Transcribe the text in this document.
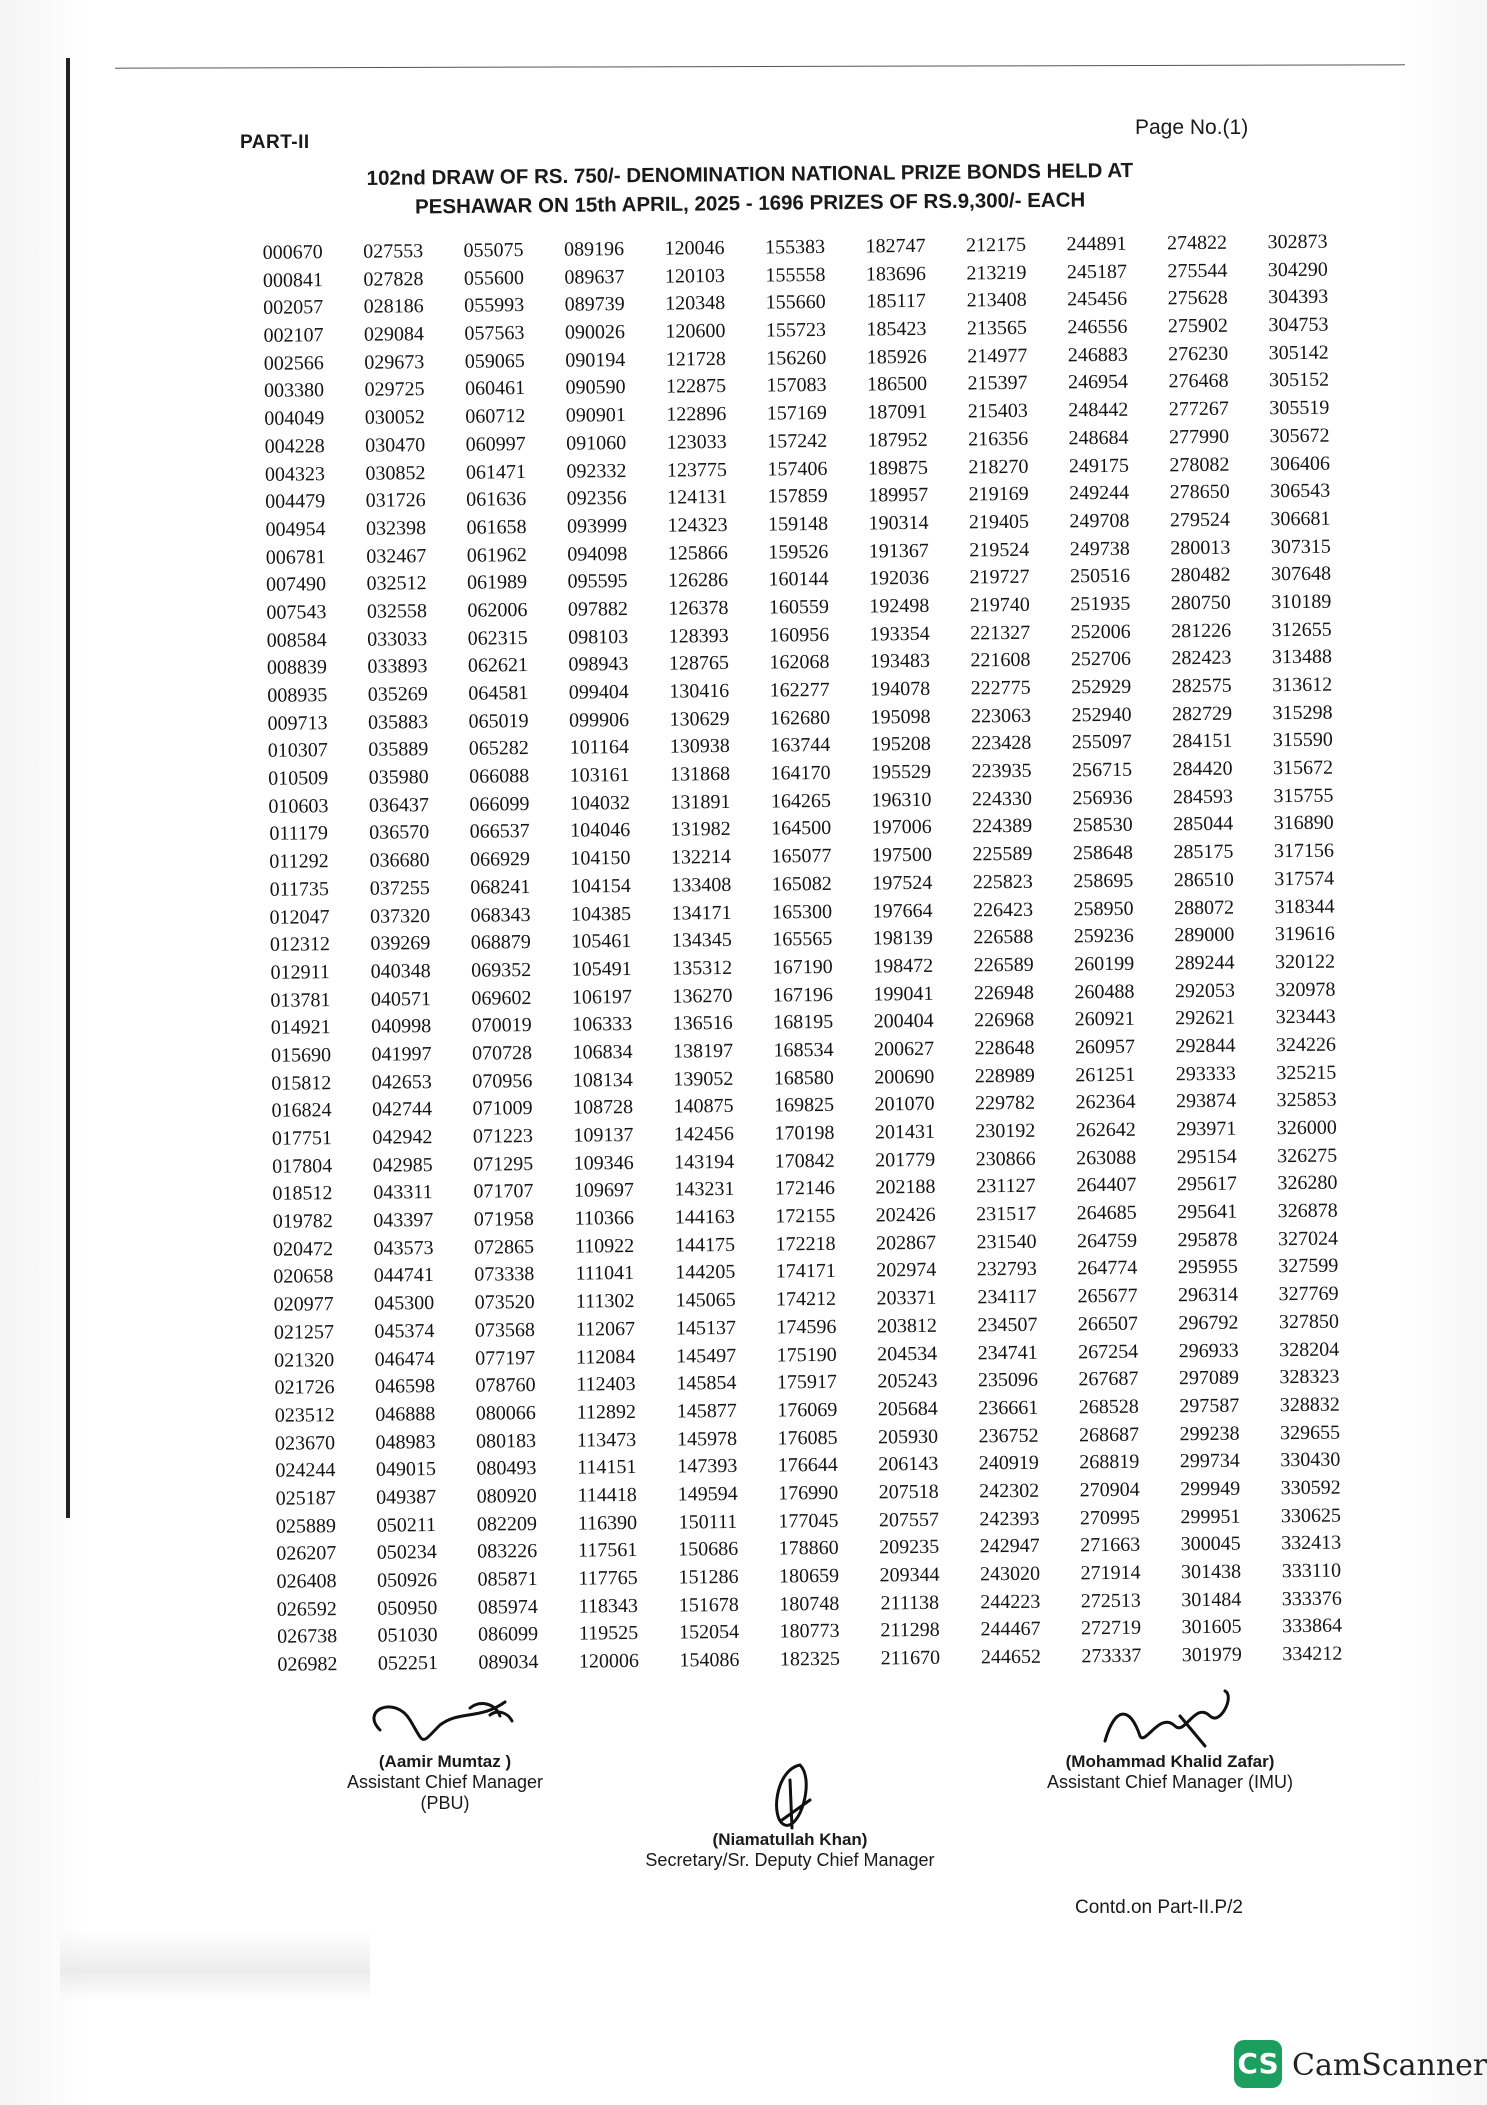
PART-II
Page No.(1)
102nd DRAW OF RS. 750/- DENOMINATION NATIONAL PRIZE BONDS HELD AT
PESHAWAR ON 15th APRIL, 2025 - 1696 PRIZES OF RS.9,300/- EACH
000670
000841
002057
002107
002566
003380
004049
004228
004323
004479
004954
006781
007490
007543
008584
008839
008935
009713
010307
010509
010603
011179
011292
011735
012047
012312
012911
013781
014921
015690
015812
016824
017751
017804
018512
019782
020472
020658
020977
021257
021320
021726
023512
023670
024244
025187
025889
026207
026408
026592
026738
026982
027553
027828
028186
029084
029673
029725
030052
030470
030852
031726
032398
032467
032512
032558
033033
033893
035269
035883
035889
035980
036437
036570
036680
037255
037320
039269
040348
040571
040998
041997
042653
042744
042942
042985
043311
043397
043573
044741
045300
045374
046474
046598
046888
048983
049015
049387
050211
050234
050926
050950
051030
052251
055075
055600
055993
057563
059065
060461
060712
060997
061471
061636
061658
061962
061989
062006
062315
062621
064581
065019
065282
066088
066099
066537
066929
068241
068343
068879
069352
069602
070019
070728
070956
071009
071223
071295
071707
071958
072865
073338
073520
073568
077197
078760
080066
080183
080493
080920
082209
083226
085871
085974
086099
089034
089196
089637
089739
090026
090194
090590
090901
091060
092332
092356
093999
094098
095595
097882
098103
098943
099404
099906
101164
103161
104032
104046
104150
104154
104385
105461
105491
106197
106333
106834
108134
108728
109137
109346
109697
110366
110922
111041
111302
112067
112084
112403
112892
113473
114151
114418
116390
117561
117765
118343
119525
120006
120046
120103
120348
120600
121728
122875
122896
123033
123775
124131
124323
125866
126286
126378
128393
128765
130416
130629
130938
131868
131891
131982
132214
133408
134171
134345
135312
136270
136516
138197
139052
140875
142456
143194
143231
144163
144175
144205
145065
145137
145497
145854
145877
145978
147393
149594
150111
150686
151286
151678
152054
154086
155383
155558
155660
155723
156260
157083
157169
157242
157406
157859
159148
159526
160144
160559
160956
162068
162277
162680
163744
164170
164265
164500
165077
165082
165300
165565
167190
167196
168195
168534
168580
169825
170198
170842
172146
172155
172218
174171
174212
174596
175190
175917
176069
176085
176644
176990
177045
178860
180659
180748
180773
182325
182747
183696
185117
185423
185926
186500
187091
187952
189875
189957
190314
191367
192036
192498
193354
193483
194078
195098
195208
195529
196310
197006
197500
197524
197664
198139
198472
199041
200404
200627
200690
201070
201431
201779
202188
202426
202867
202974
203371
203812
204534
205243
205684
205930
206143
207518
207557
209235
209344
211138
211298
211670
212175
213219
213408
213565
214977
215397
215403
216356
218270
219169
219405
219524
219727
219740
221327
221608
222775
223063
223428
223935
224330
224389
225589
225823
226423
226588
226589
226948
226968
228648
228989
229782
230192
230866
231127
231517
231540
232793
234117
234507
234741
235096
236661
236752
240919
242302
242393
242947
243020
244223
244467
244652
244891
245187
245456
246556
246883
246954
248442
248684
249175
249244
249708
249738
250516
251935
252006
252706
252929
252940
255097
256715
256936
258530
258648
258695
258950
259236
260199
260488
260921
260957
261251
262364
262642
263088
264407
264685
264759
264774
265677
266507
267254
267687
268528
268687
268819
270904
270995
271663
271914
272513
272719
273337
274822
275544
275628
275902
276230
276468
277267
277990
278082
278650
279524
280013
280482
280750
281226
282423
282575
282729
284151
284420
284593
285044
285175
286510
288072
289000
289244
292053
292621
292844
293333
293874
293971
295154
295617
295641
295878
295955
296314
296792
296933
297089
297587
299238
299734
299949
299951
300045
301438
301484
301605
301979
302873
304290
304393
304753
305142
305152
305519
305672
306406
306543
306681
307315
307648
310189
312655
313488
313612
315298
315590
315672
315755
316890
317156
317574
318344
319616
320122
320978
323443
324226
325215
325853
326000
326275
326280
326878
327024
327599
327769
327850
328204
328323
328832
329655
330430
330592
330625
332413
333110
333376
333864
334212
(Aamir Mumtaz )
Assistant Chief Manager (PBU)
(Niamatullah Khan)
Secretary/Sr. Deputy Chief Manager
(Mohammad Khalid Zafar)
Assistant Chief Manager (IMU)
Contd.on Part-II.P/2
CS CamScanner
